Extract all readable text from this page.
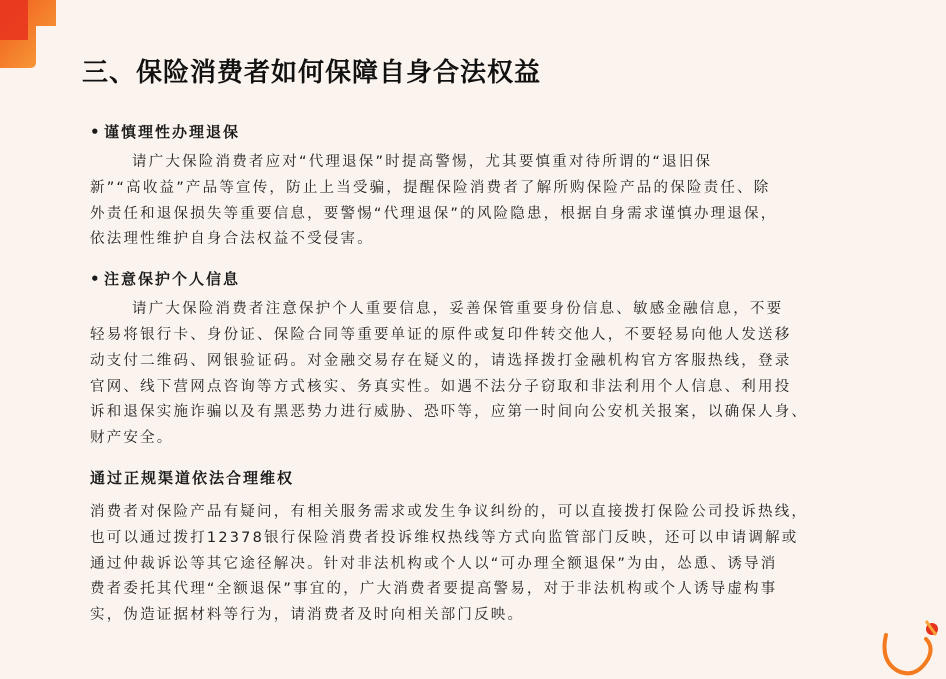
三、保险消费者如何保障自身合法权益
• 谨慎理性办理退保

请广大保险消费者应对“代理退保”时提高警惕，尤其要慎重对待所谓的“退旧保
新”“高收益”产品等宣传，防止上当受骗，提醒保险消费者了解所购保险产品的保险责任、除
外责任和退保损失等重要信息，要警惕“代理退保”的风险隐患，根据自身需求谨慎办理退保，
依法理性维护自身合法权益不受侵害。

• 注意保护个人信息

请广大保险消费者注意保护个人重要信息，妥善保管重要身份信息、敏感金融信息，不要
轻易将银行卡、身份证、保险合同等重要单证的原件或复印件转交他人，不要轻易向他人发送移
动支付二维码、网银验证码。对金融交易存在疑义的，请选择拨打金融机构官方客服热线，登录
官网、线下营网点咨询等方式核实、务真实性。如遇不法分子窃取和非法利用个人信息、利用投
诉和退保实施诈骗以及有黑恶势力进行威胁、恐吓等，应第一时间向公安机关报案，以确保人身、
财产安全。

通过正规渠道依法合理维权

消费者对保险产品有疑问，有相关服务需求或发生争议纠纷的，可以直接拨打保险公司投诉热线，
也可以通过拨打12378银行保险消费者投诉维权热线等方式向监管部门反映，还可以申请调解或
通过仲裁诉讼等其它途径解决。针对非法机构或个人以“可办理全额退保”为由，怂恿、诱导消
费者委托其代理“全额退保”事宜的，广大消费者要提高警易，对于非法机构或个人诱导虚构事
实，伪造证据材料等行为，请消费者及时向相关部门反映。
